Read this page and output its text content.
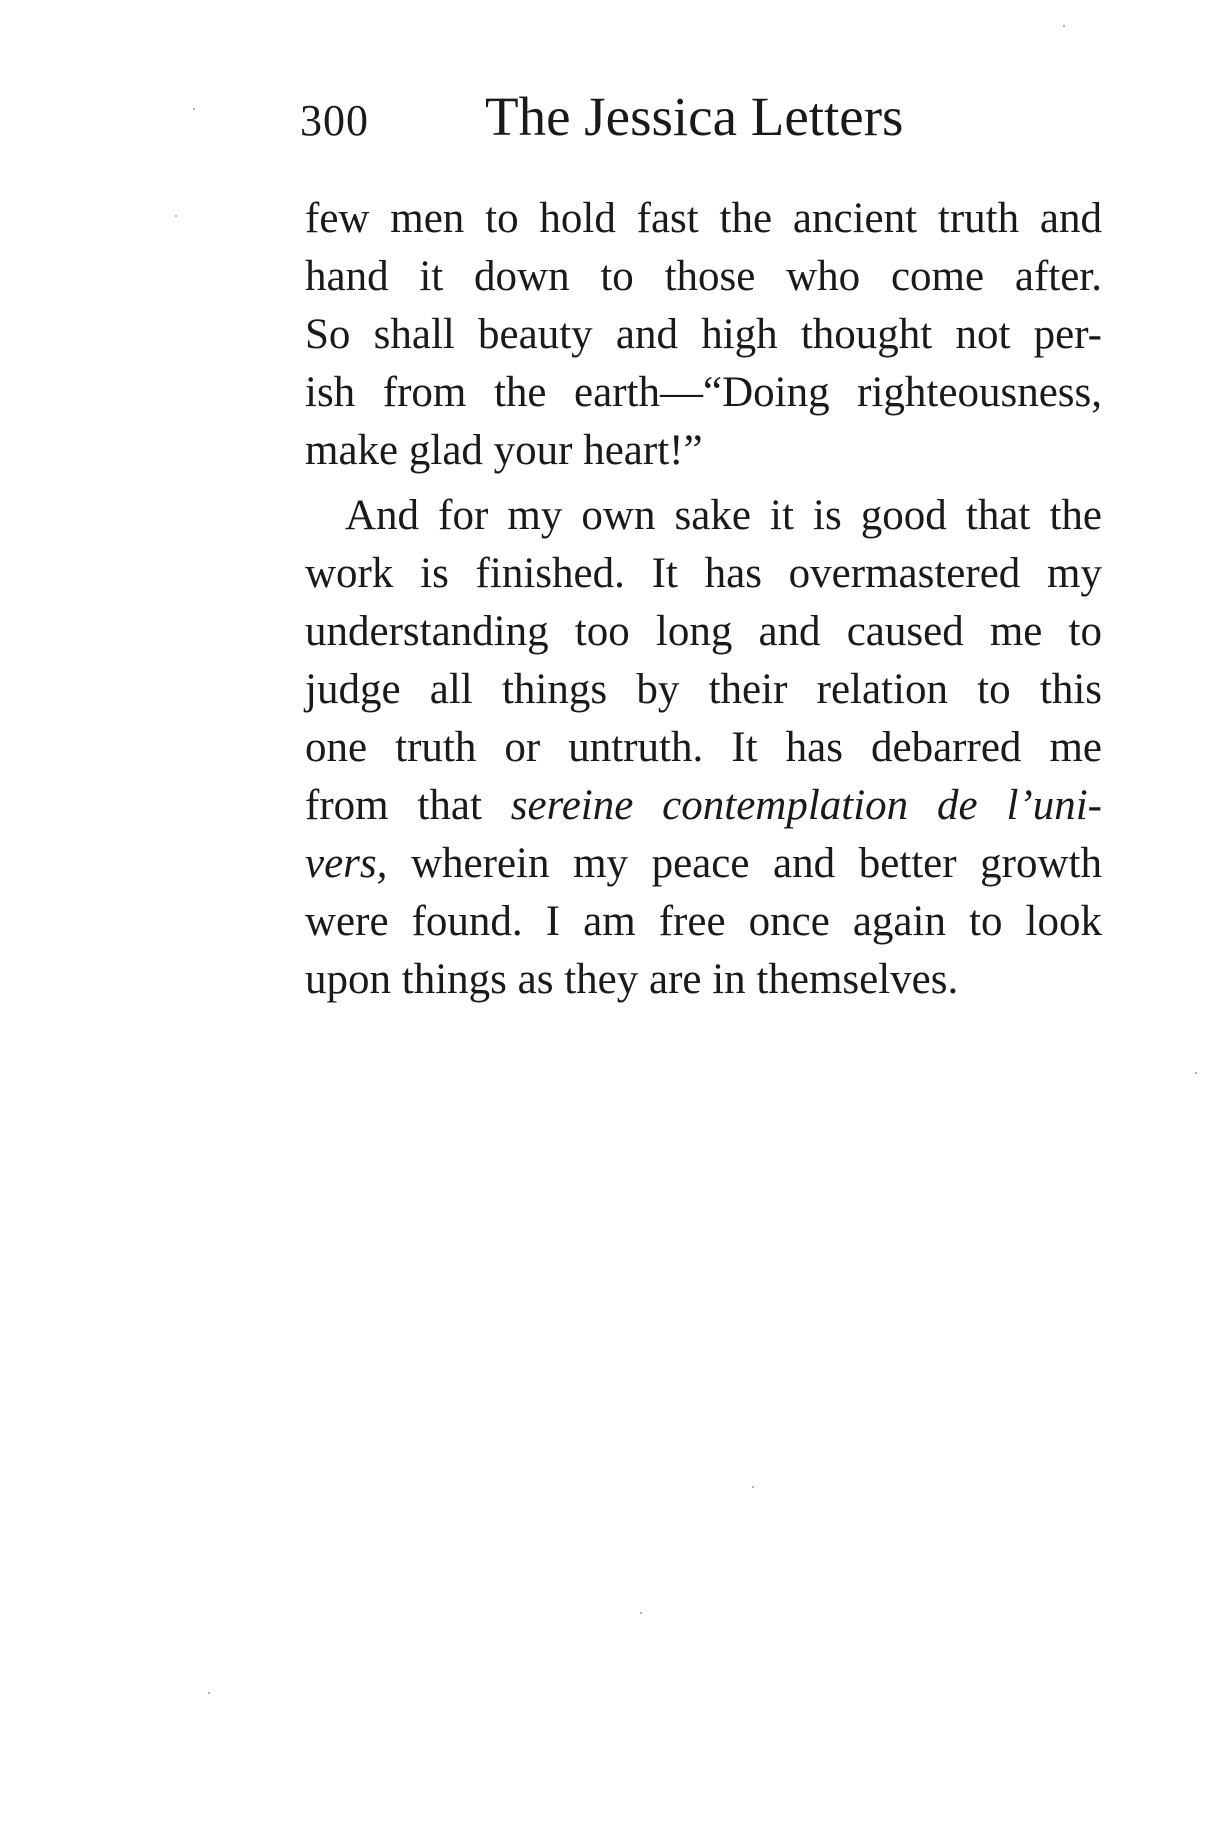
300 The Jessica Letters
few men to hold fast the ancient truth and
hand it down to those who come after.
So shall beauty and high thought not per-
ish from the earth—“Doing righteousness,
make glad your heart!”
And for my own sake it is good that the
work is finished. It has overmastered my
understanding too long and caused me to
judge all things by their relation to this
one truth or untruth. It has debarred me
from that sereine contemplation de l’uni-
vers, wherein my peace and better growth
were found. I am free once again to look
upon things as they are in themselves.
